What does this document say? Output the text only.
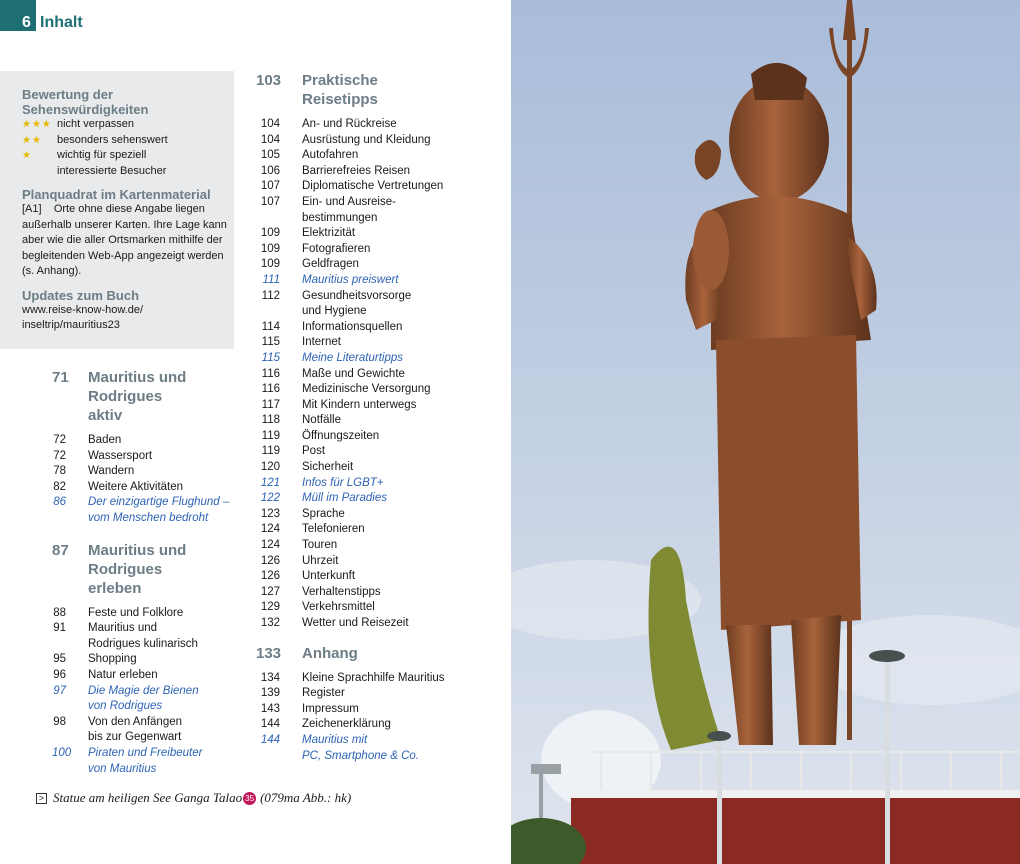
6 Inhalt
Bewertung der Sehenswürdigkeiten
★★★ nicht verpassen
★★	besonders sehenswert
★	wichtig für speziell interessierte Besucher
Planquadrat im Kartenmaterial

[A1] Orte ohne diese Angabe liegen außerhalb unserer Karten. Ihre Lage kann aber wie die aller Ortsmarken mithilfe der begleitenden Web-App angezeigt werden (s. Anhang).

Updates zum Buch

www.reise-know-how.de/

inseltrip/mauritius23

71	Mauritius und Rodrigues aktiv
72 Baden
72 Wassersport
78 Wandern
82 Weitere Aktivitäten
86 Der einzigartige Flughund –
vom Menschen bedroht
87	Mauritius und Rodrigues erleben
88 Feste und Folklore
91 Mauritius und
Rodrigues kulinarisch
95 Shopping
96 Natur erleben
97 Die Magie der Bienen
von Rodrigues
98 Von den Anfängen
bis zur Gegenwart
100 Piraten und Freibeuter
von Mauritius
103	Praktische Reisetipps
104 An- und Rückreise
104 Ausrüstung und Kleidung
105 Autofahren
106 Barrierefreies Reisen
107 Diplomatische Vertretungen
107 Ein- und Ausreise-
bestimmungen
109 Elektrizität
109 Fotografieren
109 Geldfragen
111 Mauritius preiswert
112 Gesundheitsvorsorge
und Hygiene
114 Informationsquellen
115 Internet
115 Meine Literaturtipps
116 Maße und Gewichte
116 Medizinische Versorgung
117 Mit Kindern unterwegs
118 Notfälle
119 Öffnungszeiten
119 Post
120 Sicherheit
121 Infos für LGBT+
122 Müll im Paradies
123 Sprache
124 Telefonieren
124 Touren
126 Uhrzeit
126 Unterkunft
127 Verhaltenstipps
129 Verkehrsmittel
132 Wetter und Reisezeit
133	Anhang
134 Kleine Sprachhilfe Mauritius
139 Register
143 Impressum
144 Zeichenerklärung
144 Mauritius mit
PC, Smartphone & Co.
> Statue am heiligen See Ganga Talao 35 (079ma Abb.: hk)
